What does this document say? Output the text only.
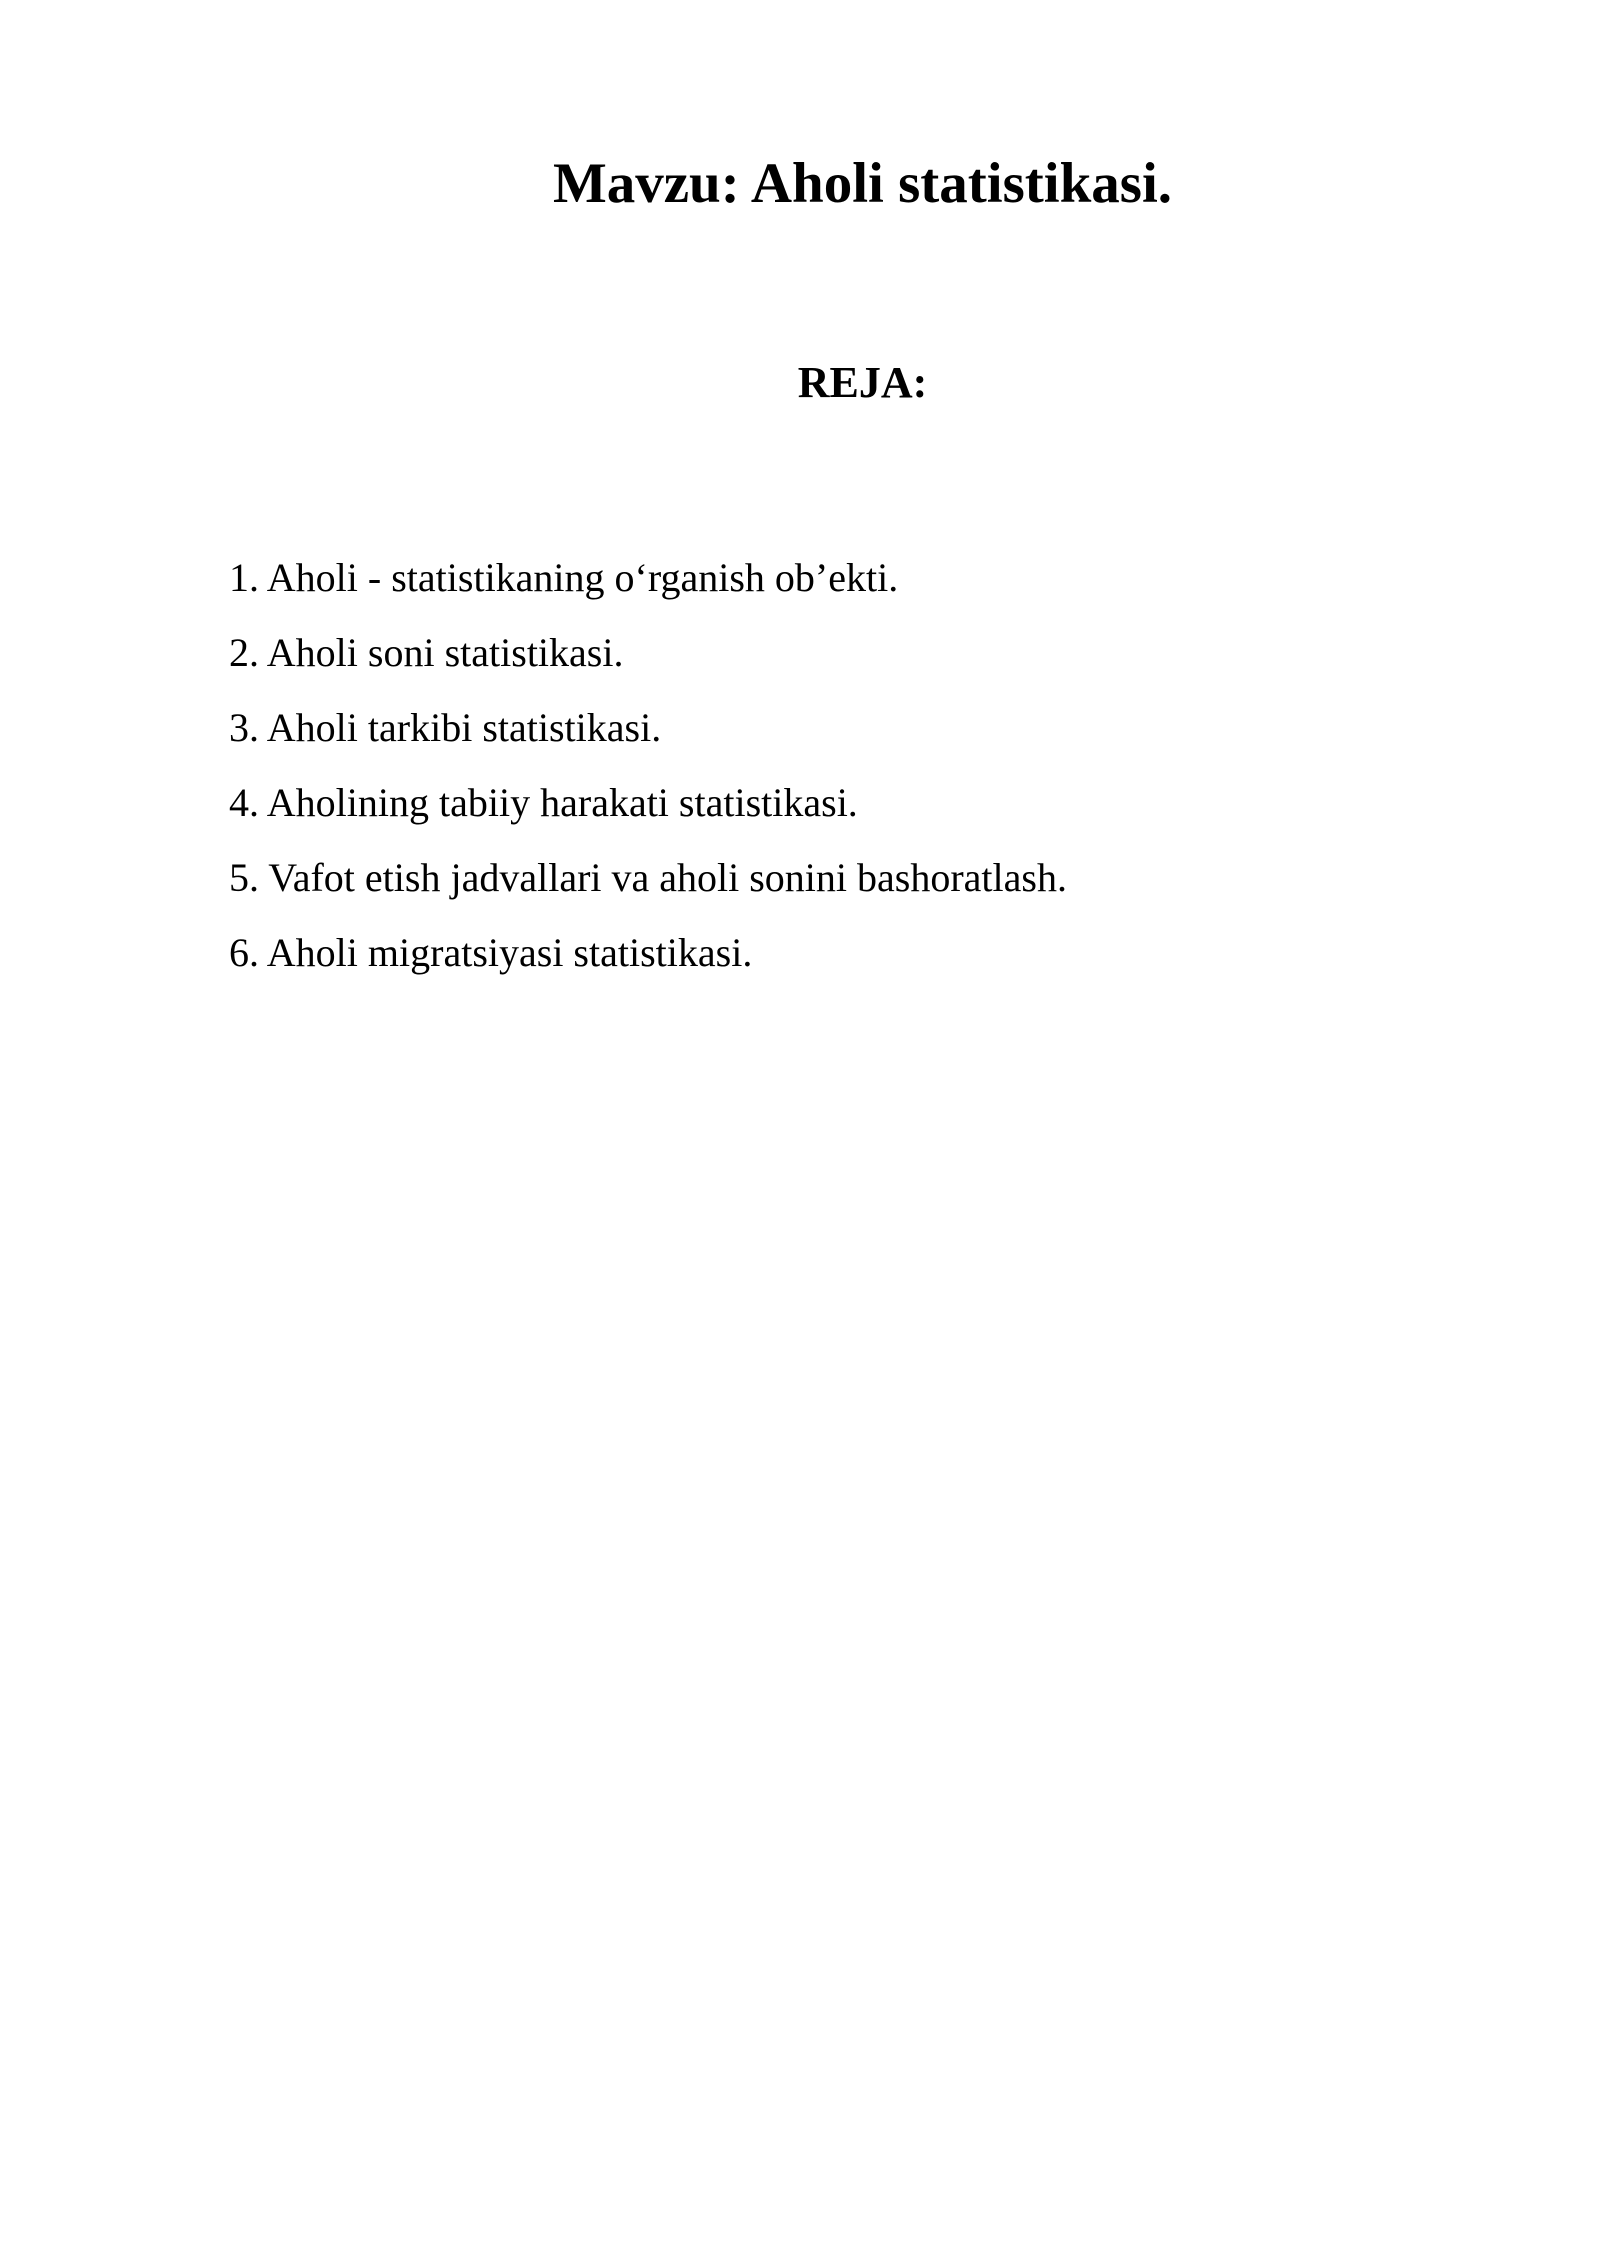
Mavzu: Aholi statistikasi.
REJA:
1. Aholi - statistikaning o‘rganish ob’ekti.
2. Aholi soni statistikasi.
3. Aholi tarkibi statistikasi.
4. Aholining tabiiy harakati statistikasi.
5. Vafot etish jadvallari va aholi sonini bashoratlash.
6. Aholi migratsiyasi statistikasi.
